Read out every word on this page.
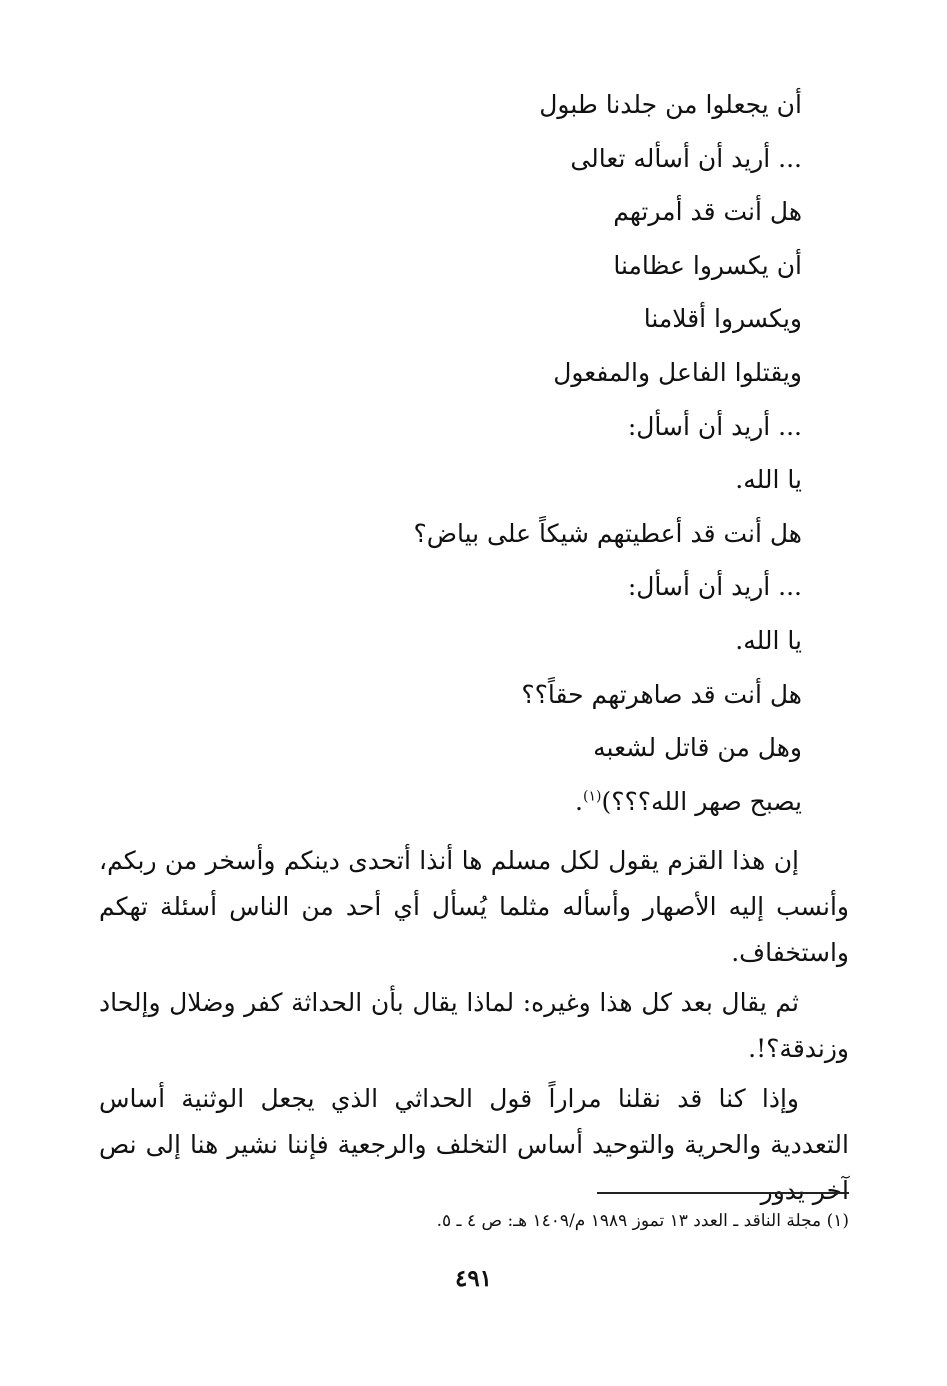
أن يجعلوا من جلدنا طبول
... أريد أن أسأله تعالى
هل أنت قد أمرتهم
أن يكسروا عظامنا
ويكسروا أقلامنا
ويقتلوا الفاعل والمفعول
... أريد أن أسأل:
يا الله.
هل أنت قد أعطيتهم شيكاً على بياض؟
... أريد أن أسأل:
يا الله.
هل أنت قد صاهرتهم حقاً؟؟
وهل من قاتل لشعبه
يصبح صهر الله؟؟؟)$^{(١)}$.

إن هذا القزم يقول لكل مسلم ها أنذا أتحدى دينكم وأسخر من ربكم، وأنسب إليه الأصهار وأسأله مثلما يُسأل أي أحد من الناس أسئلة تهكم واستخفاف.

ثم يقال بعد كل هذا وغيره: لماذا يقال بأن الحداثة كفر وضلال وإلحاد وزندقة؟!.

وإذا كنا قد نقلنا مراراً قول الحداثي الذي يجعل الوثنية أساس التعددية والحرية والتوحيد أساس التخلف والرجعية فإننا نشير هنا إلى نص آخر يدور

(١) مجلة الناقد ـ العدد ١٣ تموز ١٩٨٩ م/١٤٠٩ هـ: ص ٤ ـ ٥.
٤٩١
